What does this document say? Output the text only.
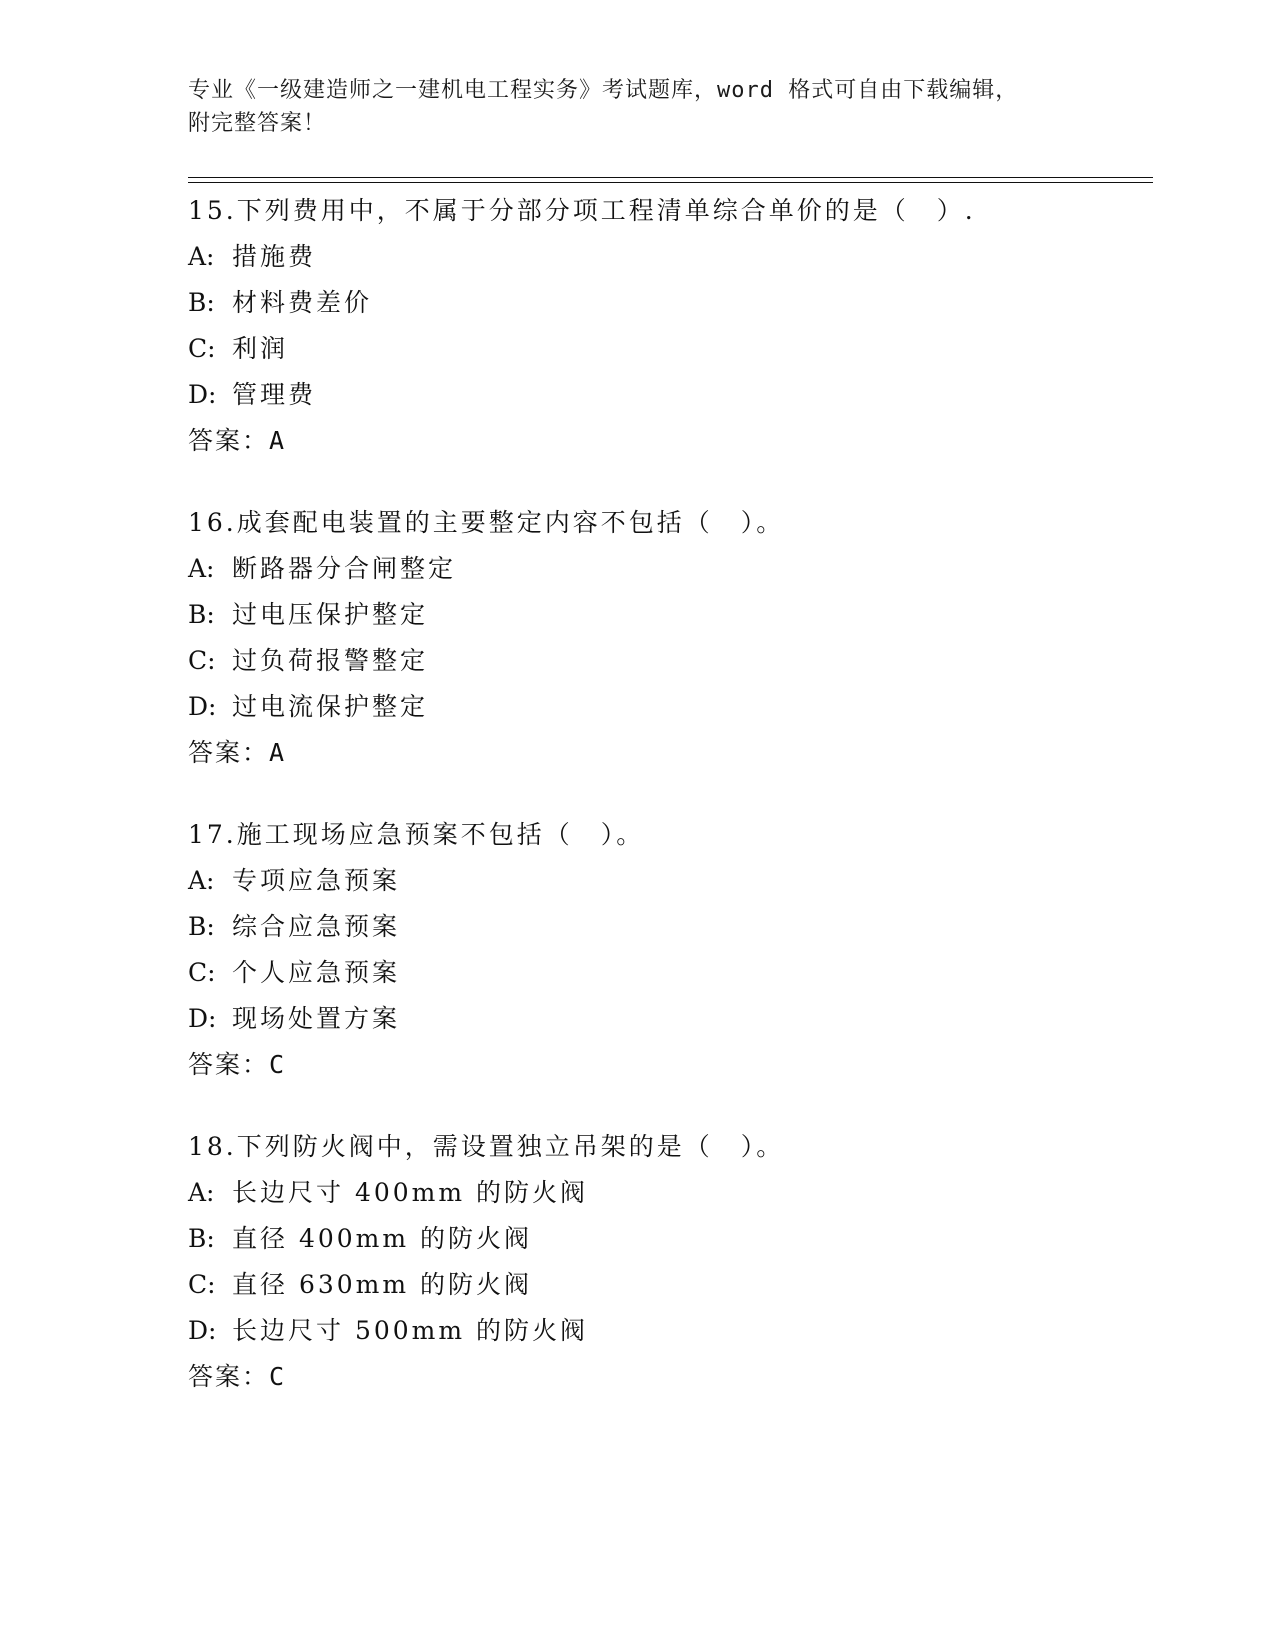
专业《一级建造师之一建机电工程实务》考试题库，word 格式可自由下载编辑，
附完整答案！
15.下列费用中，不属于分部分项工程清单综合单价的是（　）.
A: 措施费
B: 材料费差价
C: 利润
D: 管理费
答案：A
16.成套配电装置的主要整定内容不包括（　）。
A: 断路器分合闸整定
B: 过电压保护整定
C: 过负荷报警整定
D: 过电流保护整定
答案：A
17.施工现场应急预案不包括（　）。
A: 专项应急预案
B: 综合应急预案
C: 个人应急预案
D: 现场处置方案
答案：C
18.下列防火阀中，需设置独立吊架的是（　）。
A: 长边尺寸 400mm 的防火阀
B: 直径 400mm 的防火阀
C: 直径 630mm 的防火阀
D: 长边尺寸 500mm 的防火阀
答案：C
